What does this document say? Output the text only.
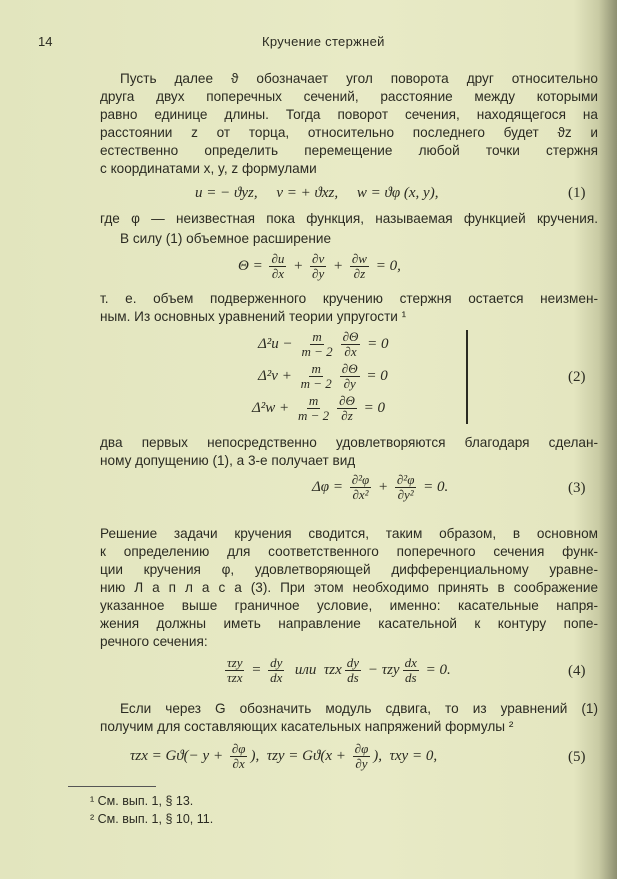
14	Кручение стержней
Пусть далее ϑ обозначает угол поворота друг относительно
друга двух поперечных сечений, расстояние между которыми
равно единице длины. Тогда поворот сечения, находящегося на
расстоянии z от торца, относительно последнего будет ϑz и
естественно определить перемещение любой точки стержня
с координатами x, y, z формулами
где φ — неизвестная пока функция, называемая функцией кручения.
В силу (1) объемное расширение
т. е. объем подверженного кручению стержня остается неизмен-
ным. Из основных уравнений теории упругости ¹
два первых непосредственно удовлетворяются благодаря сделан-
ному допущению (1), а 3-е получает вид
Решение задачи кручения сводится, таким образом, в основном
к определению для соответственного поперечного сечения функ-
ции кручения φ, удовлетворяющей дифференциальному уравне-
нию Л а п л а с а (3). При этом необходимо принять в соображение
указанное выше граничное условие, именно: касательные напря-
жения должны иметь направление касательной к контуру попе-
речного сечения:
Если через G обозначить модуль сдвига, то из уравнений (1)
получим для составляющих касательных напряжений формулы ²
u = − ϑyz,     v = + ϑxz,     w = ϑφ (x, y),	(1)
$\Theta = \frac{\partial u}{\partial x} + \frac{\partial v}{\partial y} + \frac{\partial w}{\partial z} = 0$,
$\Delta^2u - \frac{m}{m - 2} \frac{\partial\Theta}{\partial x} = 0$
$\Delta^2v + \frac{m}{m - 2} \frac{\partial\Theta}{\partial y} = 0$	(2)
$\Delta^2w + \frac{m}{m - 2} \frac{\partial\Theta}{\partial z} = 0$
$\Delta\varphi = \frac{\text{∂²φ}}{\text{∂x²}} + \frac{\text{∂²φ}}{\text{∂y²}} = 0$.	(3)
$\frac{\text{τzy}}{\text{τzx}} = \frac{dy}{dx}$ или  τzx $\frac{dy}{ds} - \tau zy \frac{dx}{ds} = 0$.	(4)
$\tau zx = Gϑ(- y + \frac{\partial\varphi}{\partial x}$ ),  $\tau zy = Gϑ(x + \frac{\partial\varphi}{\partial y}$ ),  τxy = 0,	(5)
¹ См. вып. 1, § 13.
² См. вып. 1, § 10, 11.
